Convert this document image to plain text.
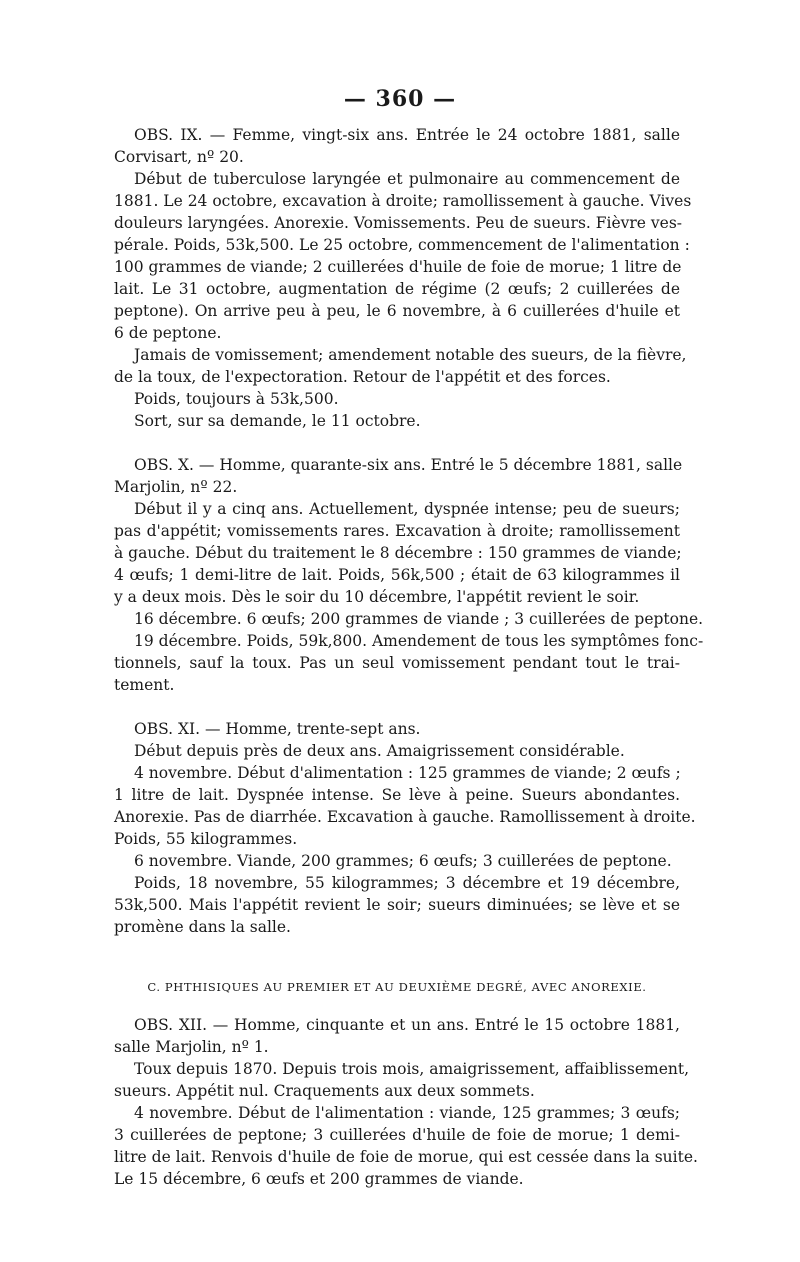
— 360 —
OBS. IX. — Femme, vingt-six ans. Entrée le 24 octobre 1881, salle
Corvisart, nº 20.
Début de tuberculose laryngée et pulmonaire au commencement de
1881. Le 24 octobre, excavation à droite; ramollissement à gauche. Vives
douleurs laryngées. Anorexie. Vomissements. Peu de sueurs. Fièvre ves-
pérale. Poids, 53k,500. Le 25 octobre, commencement de l'alimentation :
100 grammes de viande; 2 cuillerées d'huile de foie de morue; 1 litre de
lait. Le 31 octobre, augmentation de régime (2 œufs; 2 cuillerées de
peptone). On arrive peu à peu, le 6 novembre, à 6 cuillerées d'huile et
6 de peptone.
Jamais de vomissement; amendement notable des sueurs, de la fièvre,
de la toux, de l'expectoration. Retour de l'appétit et des forces.
Poids, toujours à 53k,500.
Sort, sur sa demande, le 11 octobre.
OBS. X. — Homme, quarante-six ans. Entré le 5 décembre 1881, salle
Marjolin, nº 22.
Début il y a cinq ans. Actuellement, dyspnée intense; peu de sueurs;
pas d'appétit; vomissements rares. Excavation à droite; ramollissement
à gauche. Début du traitement le 8 décembre : 150 grammes de viande;
4 œufs; 1 demi-litre de lait. Poids, 56k,500 ; était de 63 kilogrammes il
y a deux mois. Dès le soir du 10 décembre, l'appétit revient le soir.
16 décembre. 6 œufs; 200 grammes de viande ; 3 cuillerées de peptone.
19 décembre. Poids, 59k,800. Amendement de tous les symptômes fonc-
tionnels, sauf la toux. Pas un seul vomissement pendant tout le trai-
tement.
OBS. XI. — Homme, trente-sept ans.
Début depuis près de deux ans. Amaigrissement considérable.
4 novembre. Début d'alimentation : 125 grammes de viande; 2 œufs ;
1 litre de lait. Dyspnée intense. Se lève à peine. Sueurs abondantes.
Anorexie. Pas de diarrhée. Excavation à gauche. Ramollissement à droite.
Poids, 55 kilogrammes.
6 novembre. Viande, 200 grammes; 6 œufs; 3 cuillerées de peptone.
Poids, 18 novembre, 55 kilogrammes; 3 décembre et 19 décembre,
53k,500. Mais l'appétit revient le soir; sueurs diminuées; se lève et se
promène dans la salle.
C. PHTHISIQUES AU PREMIER ET AU DEUXIÈME DEGRÉ, AVEC ANOREXIE.
OBS. XII. — Homme, cinquante et un ans. Entré le 15 octobre 1881,
salle Marjolin, nº 1.
Toux depuis 1870. Depuis trois mois, amaigrissement, affaiblissement,
sueurs. Appétit nul. Craquements aux deux sommets.
4 novembre. Début de l'alimentation : viande, 125 grammes; 3 œufs;
3 cuillerées de peptone; 3 cuillerées d'huile de foie de morue; 1 demi-
litre de lait. Renvois d'huile de foie de morue, qui est cessée dans la suite.
Le 15 décembre, 6 œufs et 200 grammes de viande.
